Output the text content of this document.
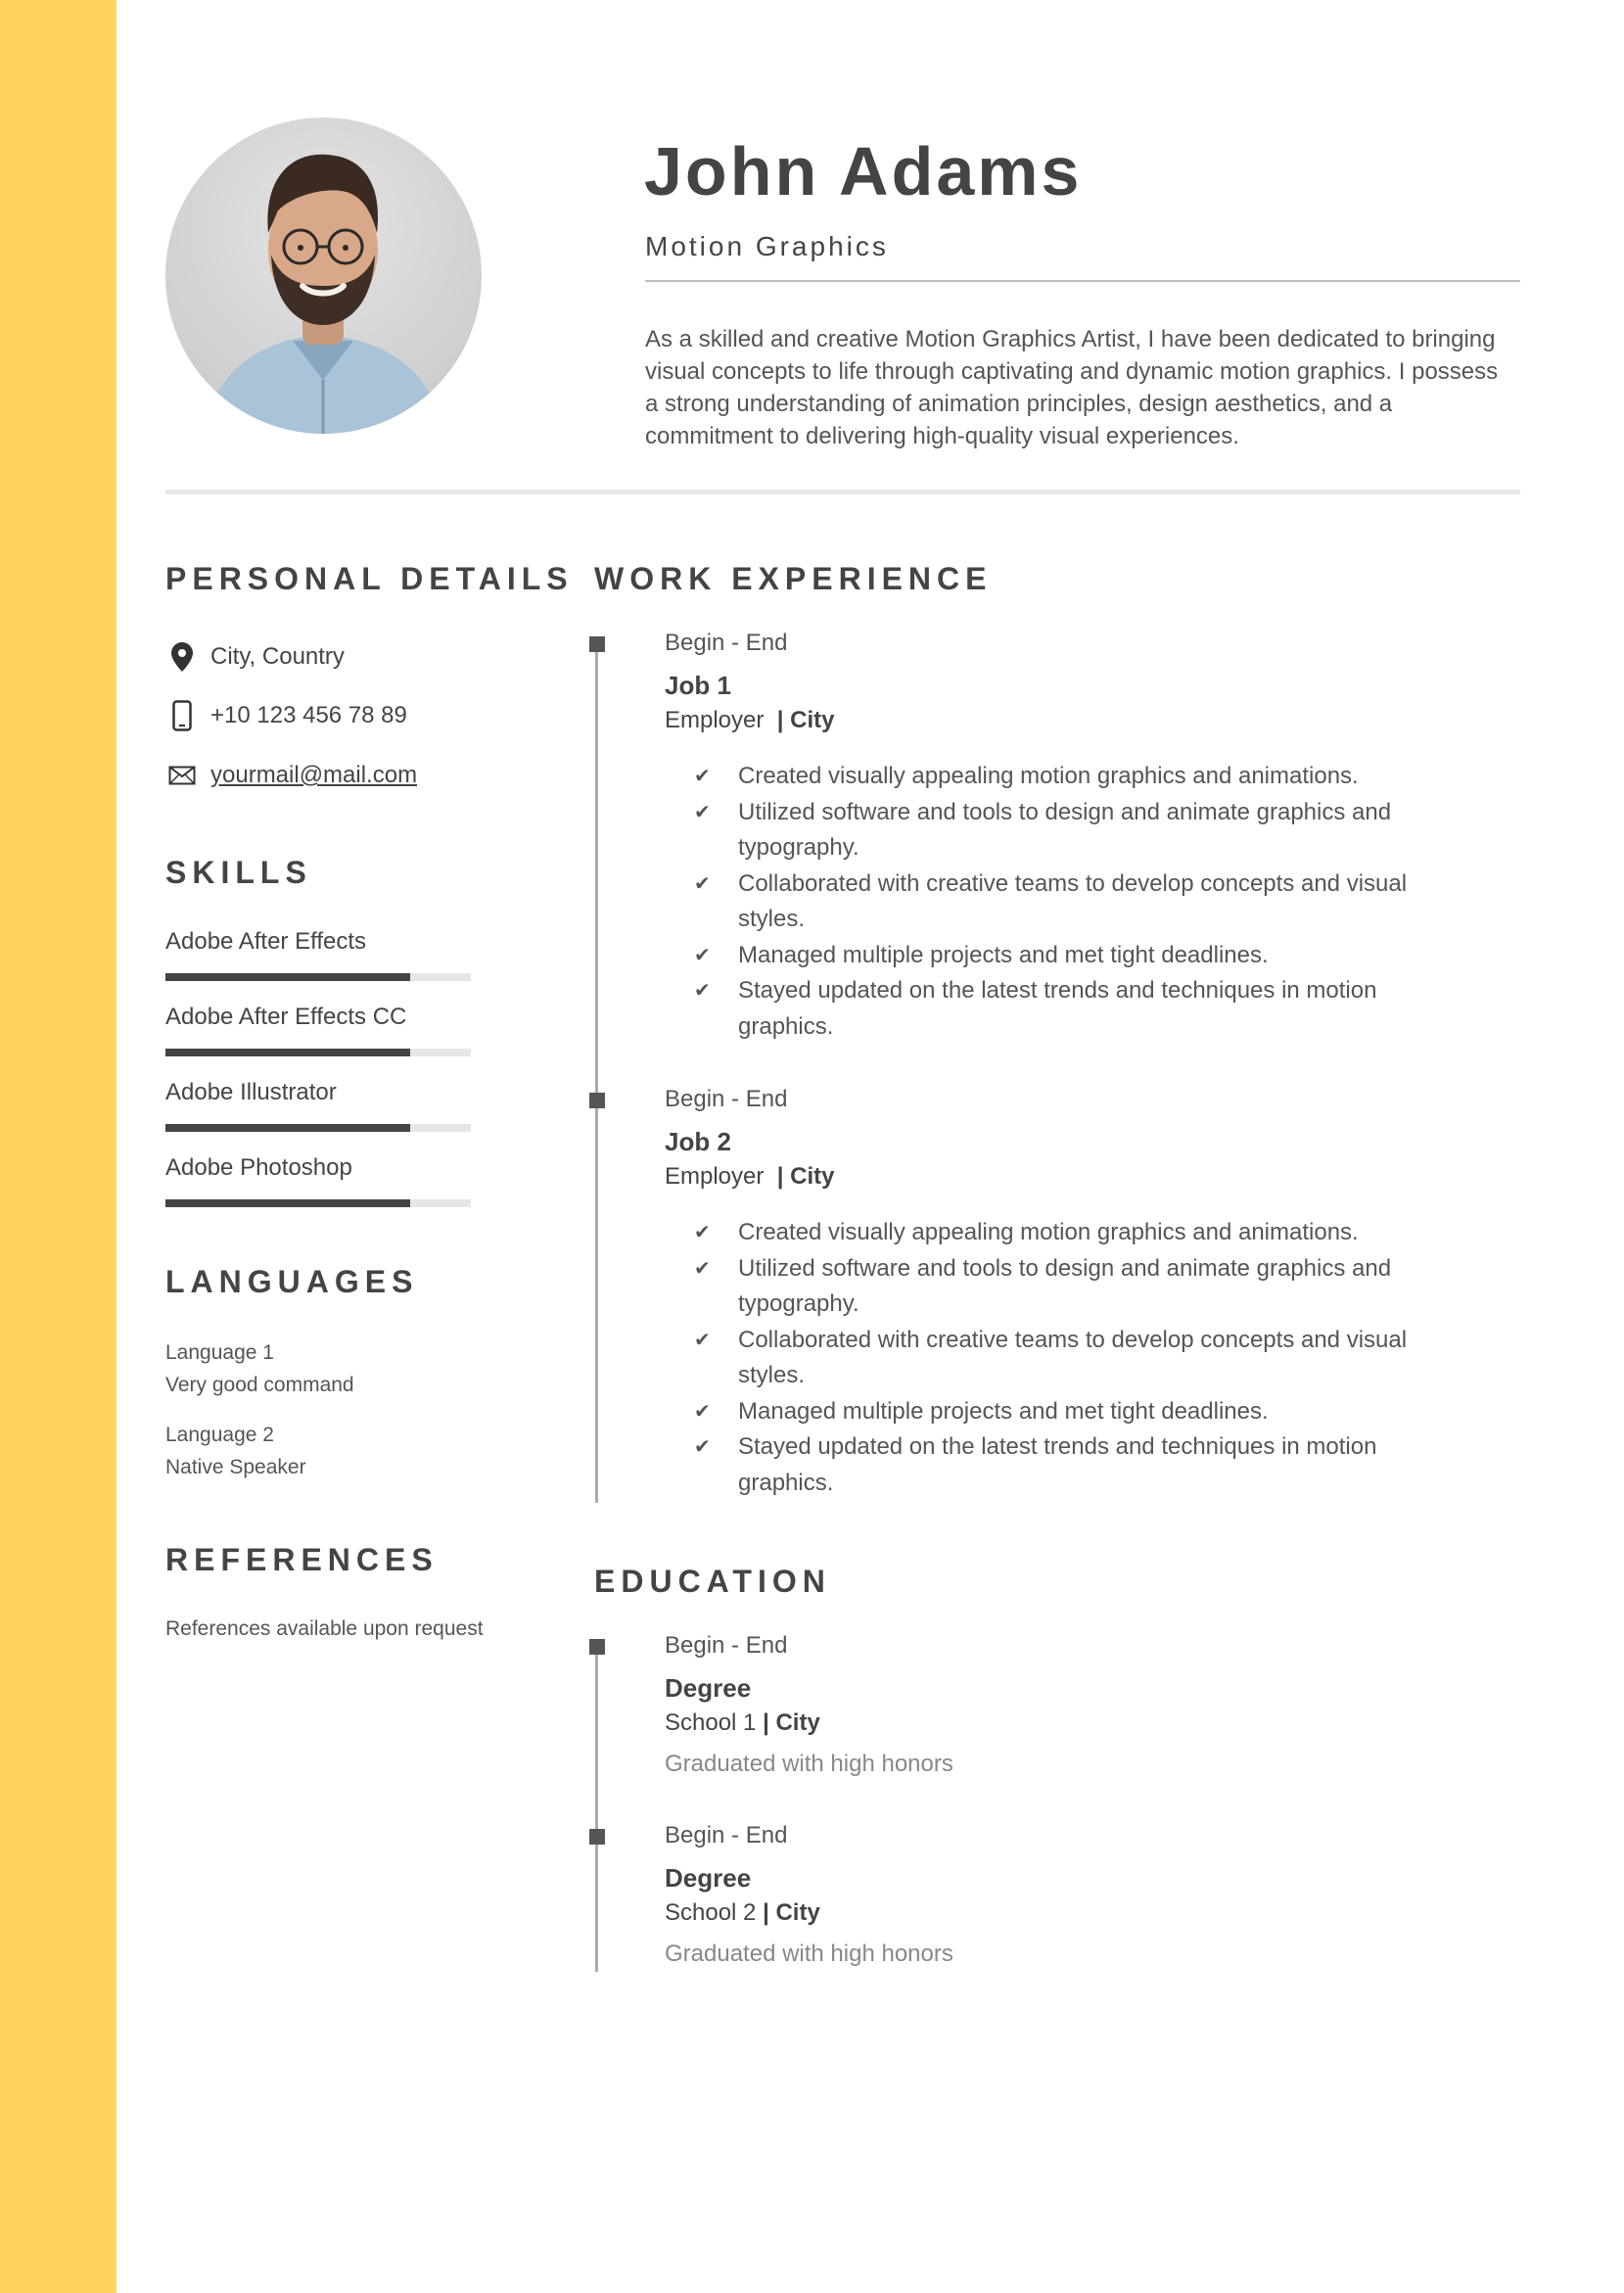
John Adams
Motion Graphics

As a skilled and creative Motion Graphics Artist, I have been dedicated to bringing visual concepts to life through captivating and dynamic motion graphics. I possess a strong understanding of animation principles, design aesthetics, and a commitment to delivering high-quality visual experiences.

PERSONAL DETAILS
City, Country
+10 123 456 78 89
yourmail@mail.com
SKILLS
Adobe After Effects
Adobe After Effects CC
Adobe Illustrator
Adobe Photoshop
LANGUAGES
Language 1
Very good command
Language 2
Native Speaker
REFERENCES
References available upon request
WORK EXPERIENCE
Begin - End
Job 1
Employer | City
✔ Created visually appealing motion graphics and animations.
✔ Utilized software and tools to design and animate graphics and typography.
✔ Collaborated with creative teams to develop concepts and visual styles.
✔ Managed multiple projects and met tight deadlines.
✔ Stayed updated on the latest trends and techniques in motion graphics.
Begin - End
Job 2
Employer | City
✔ Created visually appealing motion graphics and animations.
✔ Utilized software and tools to design and animate graphics and typography.
✔ Collaborated with creative teams to develop concepts and visual styles.
✔ Managed multiple projects and met tight deadlines.
✔ Stayed updated on the latest trends and techniques in motion graphics.
EDUCATION
Begin - End
Degree
School 1 | City
Graduated with high honors
Begin - End
Degree
School 2 | City
Graduated with high honors
